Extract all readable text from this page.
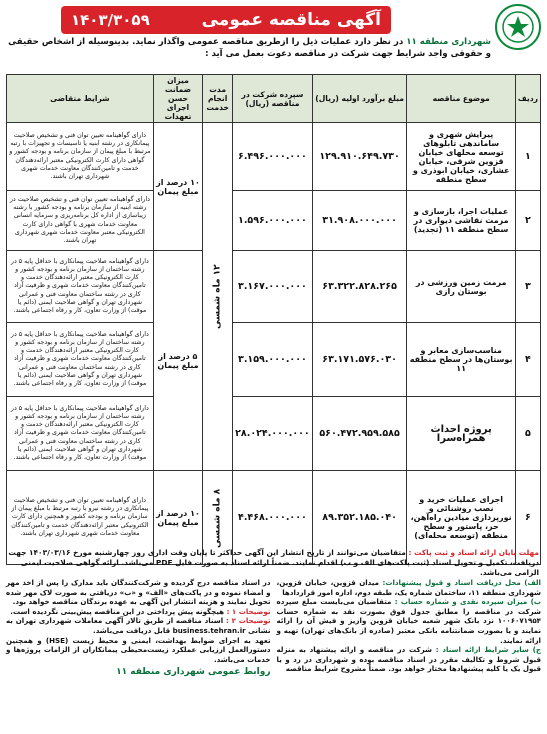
آگهی مناقصه عمومی
۱۴۰۳/۳۰۵۹
شهرداری منطقه ۱۱ در نظر دارد عملیات ذیل را ازطریق مناقصه عمومی واگذار نماید. بدینوسیله از اشخاص حقیقی و حقوقی واجد شرایط جهت شرکت در مناقصه دعوت بعمل می آید :
ردیف	موضوع مناقصه	مبلغ برآورد اولیه (ریال)	سپرده شرکت در مناقصه (ریال)	مدت انجام خدمت	میزان ضمانت حسن اجرای تعهدات	شرایط متقاضی
۱	پیرایش شهری و ساماندهی تابلوهای توسعه محلهای خیابان قزوین شرقی، خیابان عشاری، خیابان ابوذری و سطح منطقه	۱۲۹.۹۱۰.۶۴۹.۷۳۰	۶.۴۹۶.۰۰۰.۰۰۰	۱۲ ماه شمسی	۱۰ درصد از مبلغ پیمان	دارای گواهینامه تعیین توان فنی و تشخیص صلاحیت پیمانکاری در رشته ابنیه یا تاسیسات و تجهیزات با رتبه مرتبط با مبلغ پیمان از سازمان برنامه و بودجه کشور و گواهی دارای کارت الکترونیکی معتبر ارائه‌دهندگان خدمت و تامین‌کنندگان معاونت خدمات شهری شهرداری تهران باشند.
۲	عملیات اجرا، بازسازی و مرمت نقاشی دیواری در سطح منطقه ۱۱ (تجدید)	۳۱.۹۰۸.۰۰۰.۰۰۰	۱.۵۹۶.۰۰۰.۰۰۰			دارای گواهینامه تعیین توان فنی و تشخیص صلاحیت در رشته ابنیه از سازمان برنامه و بودجه کشور با رشته زیباسازی از اداره کل برنامه‌ریزی و سرمایه انسانی معاونت خدمات شهری یا گواهی دارای کارت الکترونیکی معتبر معاونت خدمات شهری شهرداری تهران باشند.
۳	مرمت زمین ورزشی در بوستان رازی	۶۳.۳۲۲.۸۲۸.۲۶۵	۳.۱۶۷.۰۰۰.۰۰۰		۵ درصد از مبلغ پیمان	دارای گواهینامه صلاحیت پیمانکاری با حداقل پایه ۵ در رشته ساختمان از سازمان برنامه و بودجه کشور و کارت الکترونیکی معتبر ارائه‌دهندگان خدمت و تامین‌کنندگان معاونت خدمات شهری و ظرفیت آزاد کاری در رشته ساختمان معاونت فنی و عمرانی شهرداری تهران و گواهی صلاحیت ایمنی (دائم یا موقت) از وزارت تعاون، کار و رفاه اجتماعی باشند.
۴	مناسب‌سازی معابر و بوستان‌ها در سطح منطقه ۱۱	۶۳.۱۷۱.۵۷۶.۰۳۰	۳.۱۵۹.۰۰۰.۰۰۰			دارای گواهینامه صلاحیت پیمانکاری با حداقل پایه ۵ در رشته ساختمان از سازمان برنامه و بودجه کشور و کارت الکترونیکی معتبر ارائه‌دهندگان خدمت و تامین‌کنندگان معاونت خدمات شهری و ظرفیت آزاد کاری در رشته ساختمان معاونت فنی و عمرانی شهرداری تهران و گواهی صلاحیت ایمنی (دائم یا موقت) از وزارت تعاون، کار و رفاه اجتماعی باشند.
۵	پروژه احداث همراه‌سرا	۵۶۰.۴۷۲.۹۵۹.۵۸۵	۲۸.۰۲۴.۰۰۰.۰۰۰			دارای گواهینامه صلاحیت پیمانکاری با حداقل پایه ۵ در رشته ساختمان از سازمان برنامه و بودجه کشور و کارت الکترونیکی معتبر ارائه‌دهندگان خدمت و تامین‌کنندگان معاونت خدمات شهری و ظرفیت آزاد کاری در رشته ساختمان معاونت فنی و عمرانی شهرداری تهران و گواهی صلاحیت ایمنی (دائم یا موقت) از وزارت تعاون، کار و رفاه اجتماعی باشند.
۶	اجرای عملیات خرید و نصب روشنائی و نورپردازی میادین راه‌آهن، حر، پاستور و سطح منطقه (توسعه محله‌ای)	۸۹.۳۵۲.۱۸۵.۰۴۰	۴.۴۶۸.۰۰۰.۰۰۰	۸ ماه شمسی	۱۰ درصد از مبلغ پیمان	دارای گواهینامه تعیین توان فنی و تشخیص صلاحیت پیمانکاری در رشته نیرو با رتبه مرتبط با مبلغ پیمان از سازمان برنامه و بودجه کشور و همچنین دارای کارت الکترونیکی معتبر ارائه‌دهندگان خدمت و تامین‌کنندگان معاونت خدمات شهری شهرداری تهران باشند.
مهلت پایان ارائه اسناد و ثبت پاکت : متقاضیان می‌توانند از تاریخ انتشار این آگهی حداکثر تا پایان وقت اداری روز چهارشنبه مورخ ۱۴۰۳/۰۳/۱۶ جهت دریافت، تکمیل و تحویل اسناد (ثبت پاکت‌های الف و ب) اقدام نمایند. ضمناً ارائه اسناد به صورت فایل PDF می‌باشد. ارائه گواهی صلاحیت ایمنی الزامی می‌باشد.
الف) محل دریافت اسناد و قبول پیشنهادات: میدان قزوین، خیابان قزوین، شهرداری منطقه ۱۱، ساختمان شماره یک، طبقه دوم، اداره امور قراردادها
ب) میزان سپرده نقدی و شماره حساب : متقاضیان می‌بایست مبلغ سپرده شرکت در مناقصه را مطابق جدول فوق بصورت نقد به شماره حساب ۱۰۰۶۰۷۱۹۵۴ نزد بانک شهر شعبه خیابان قزوین واریز و فیش آن را ارائه نمایند و یا بصورت ضمانتنامه بانکی معتبر (صادره از بانک‌های تهران) تهیه و ارائه نمایند.
ج) سایر شرایط ارائه اسناد : شرکت در مناقصه و ارائه پیشنهاد به منزله قبول شروط و تکالیف مقرر در اسناد مناقصه بوده و شهرداری در رد و یا قبول یک یا کلیه پیشنهادها مختار خواهد بود. ضمناً مشروح شرایط مناقصه
در اسناد مناقصه درج گردیده و شرکت‌کنندگان باید مدارک را پس از اخذ مهر و امضاء نموده و در پاکت‌های «الف» و «ب» دریافتی به صورت لاک مهر شده تحویل نمایند و هزینه انتشار این آگهی به عهده برندگان مناقصه خواهد بود.
توضیحات ۱ : هیچگونه پیش پرداختی در این مناقصه پیش‌بینی نگردیده است.
توضیحات ۲ : اسناد مناقصه از طریق تالار آگهی معاملات شهرداری تهران به نشانی business.tehran.ir قابل دریافت می‌باشد.
تعهد به اجرای ضوابط بهداشت، ایمنی و محیط زیست (HSE) و همچنین دستورالعمل ارزیابی عملکرد زیست‌محیطی پیمانکاران از الزامات پروژه‌ها و خدمات می‌باشد.
روابط عمومی شهرداری منطقه ۱۱
